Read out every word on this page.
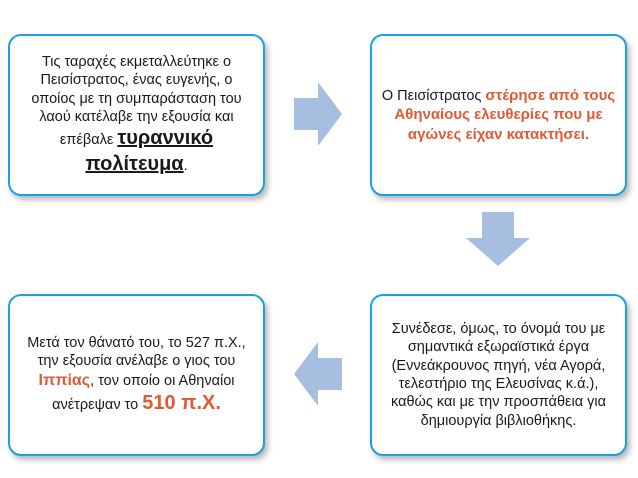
Τις ταραχές εκμεταλλεύτηκε ο Πεισίστρατος, ένας ευγενής, ο οποίος με τη συμπαράσταση του λαού κατέλαβε την εξουσία και επέβαλε τυραννικό πολίτευμα.
Ο Πεισίστρατος στέρησε από τους Αθηναίους ελευθερίες που με αγώνες είχαν κατακτήσει.
Συνέδεσε, όμως, το όνομά του με σημαντικά εξωραϊστικά έργα (Εννεάκρουνος πηγή, νέα Αγορά, τελεστήριο της Ελευσίνας κ.ά.), καθώς και με την προσπάθεια για δημιουργία βιβλιοθήκης.
Μετά τον θάνατό του, το 527 π.Χ., την εξουσία ανέλαβε ο γιος του Ιππίας, τον οποίο οι Αθηναίοι ανέτρεψαν το 510 π.Χ.
